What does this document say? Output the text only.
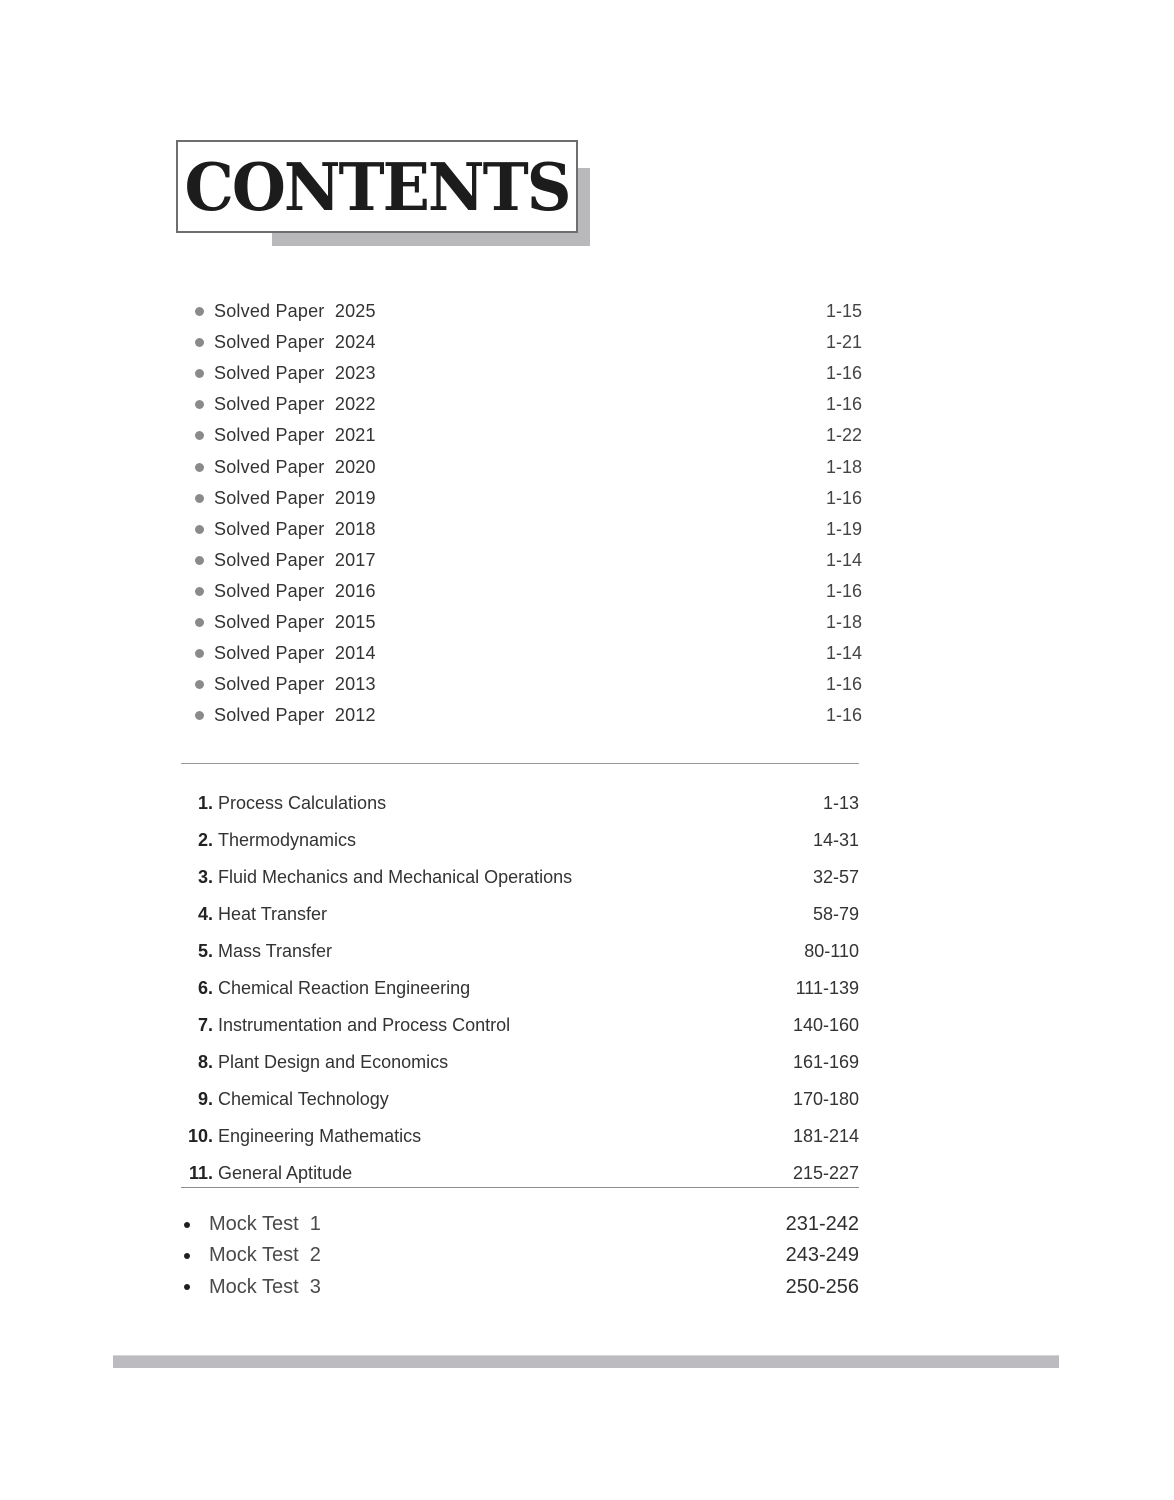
CONTENTS
Solved Paper  2025	1-15
Solved Paper  2024	1-21
Solved Paper  2023	1-16
Solved Paper  2022	1-16
Solved Paper  2021	1-22
Solved Paper  2020	1-18
Solved Paper  2019	1-16
Solved Paper  2018	1-19
Solved Paper  2017	1-14
Solved Paper  2016	1-16
Solved Paper  2015	1-18
Solved Paper  2014	1-14
Solved Paper  2013	1-16
Solved Paper  2012	1-16
1. Process Calculations	1-13
2. Thermodynamics	14-31
3. Fluid Mechanics and Mechanical Operations	32-57
4. Heat Transfer	58-79
5. Mass Transfer	80-110
6. Chemical Reaction Engineering	111-139
7. Instrumentation and Process Control	140-160
8. Plant Design and Economics	161-169
9. Chemical Technology	170-180
10. Engineering Mathematics	181-214
11. General Aptitude	215-227
Mock Test  1	231-242
Mock Test  2	243-249
Mock Test  3	250-256
